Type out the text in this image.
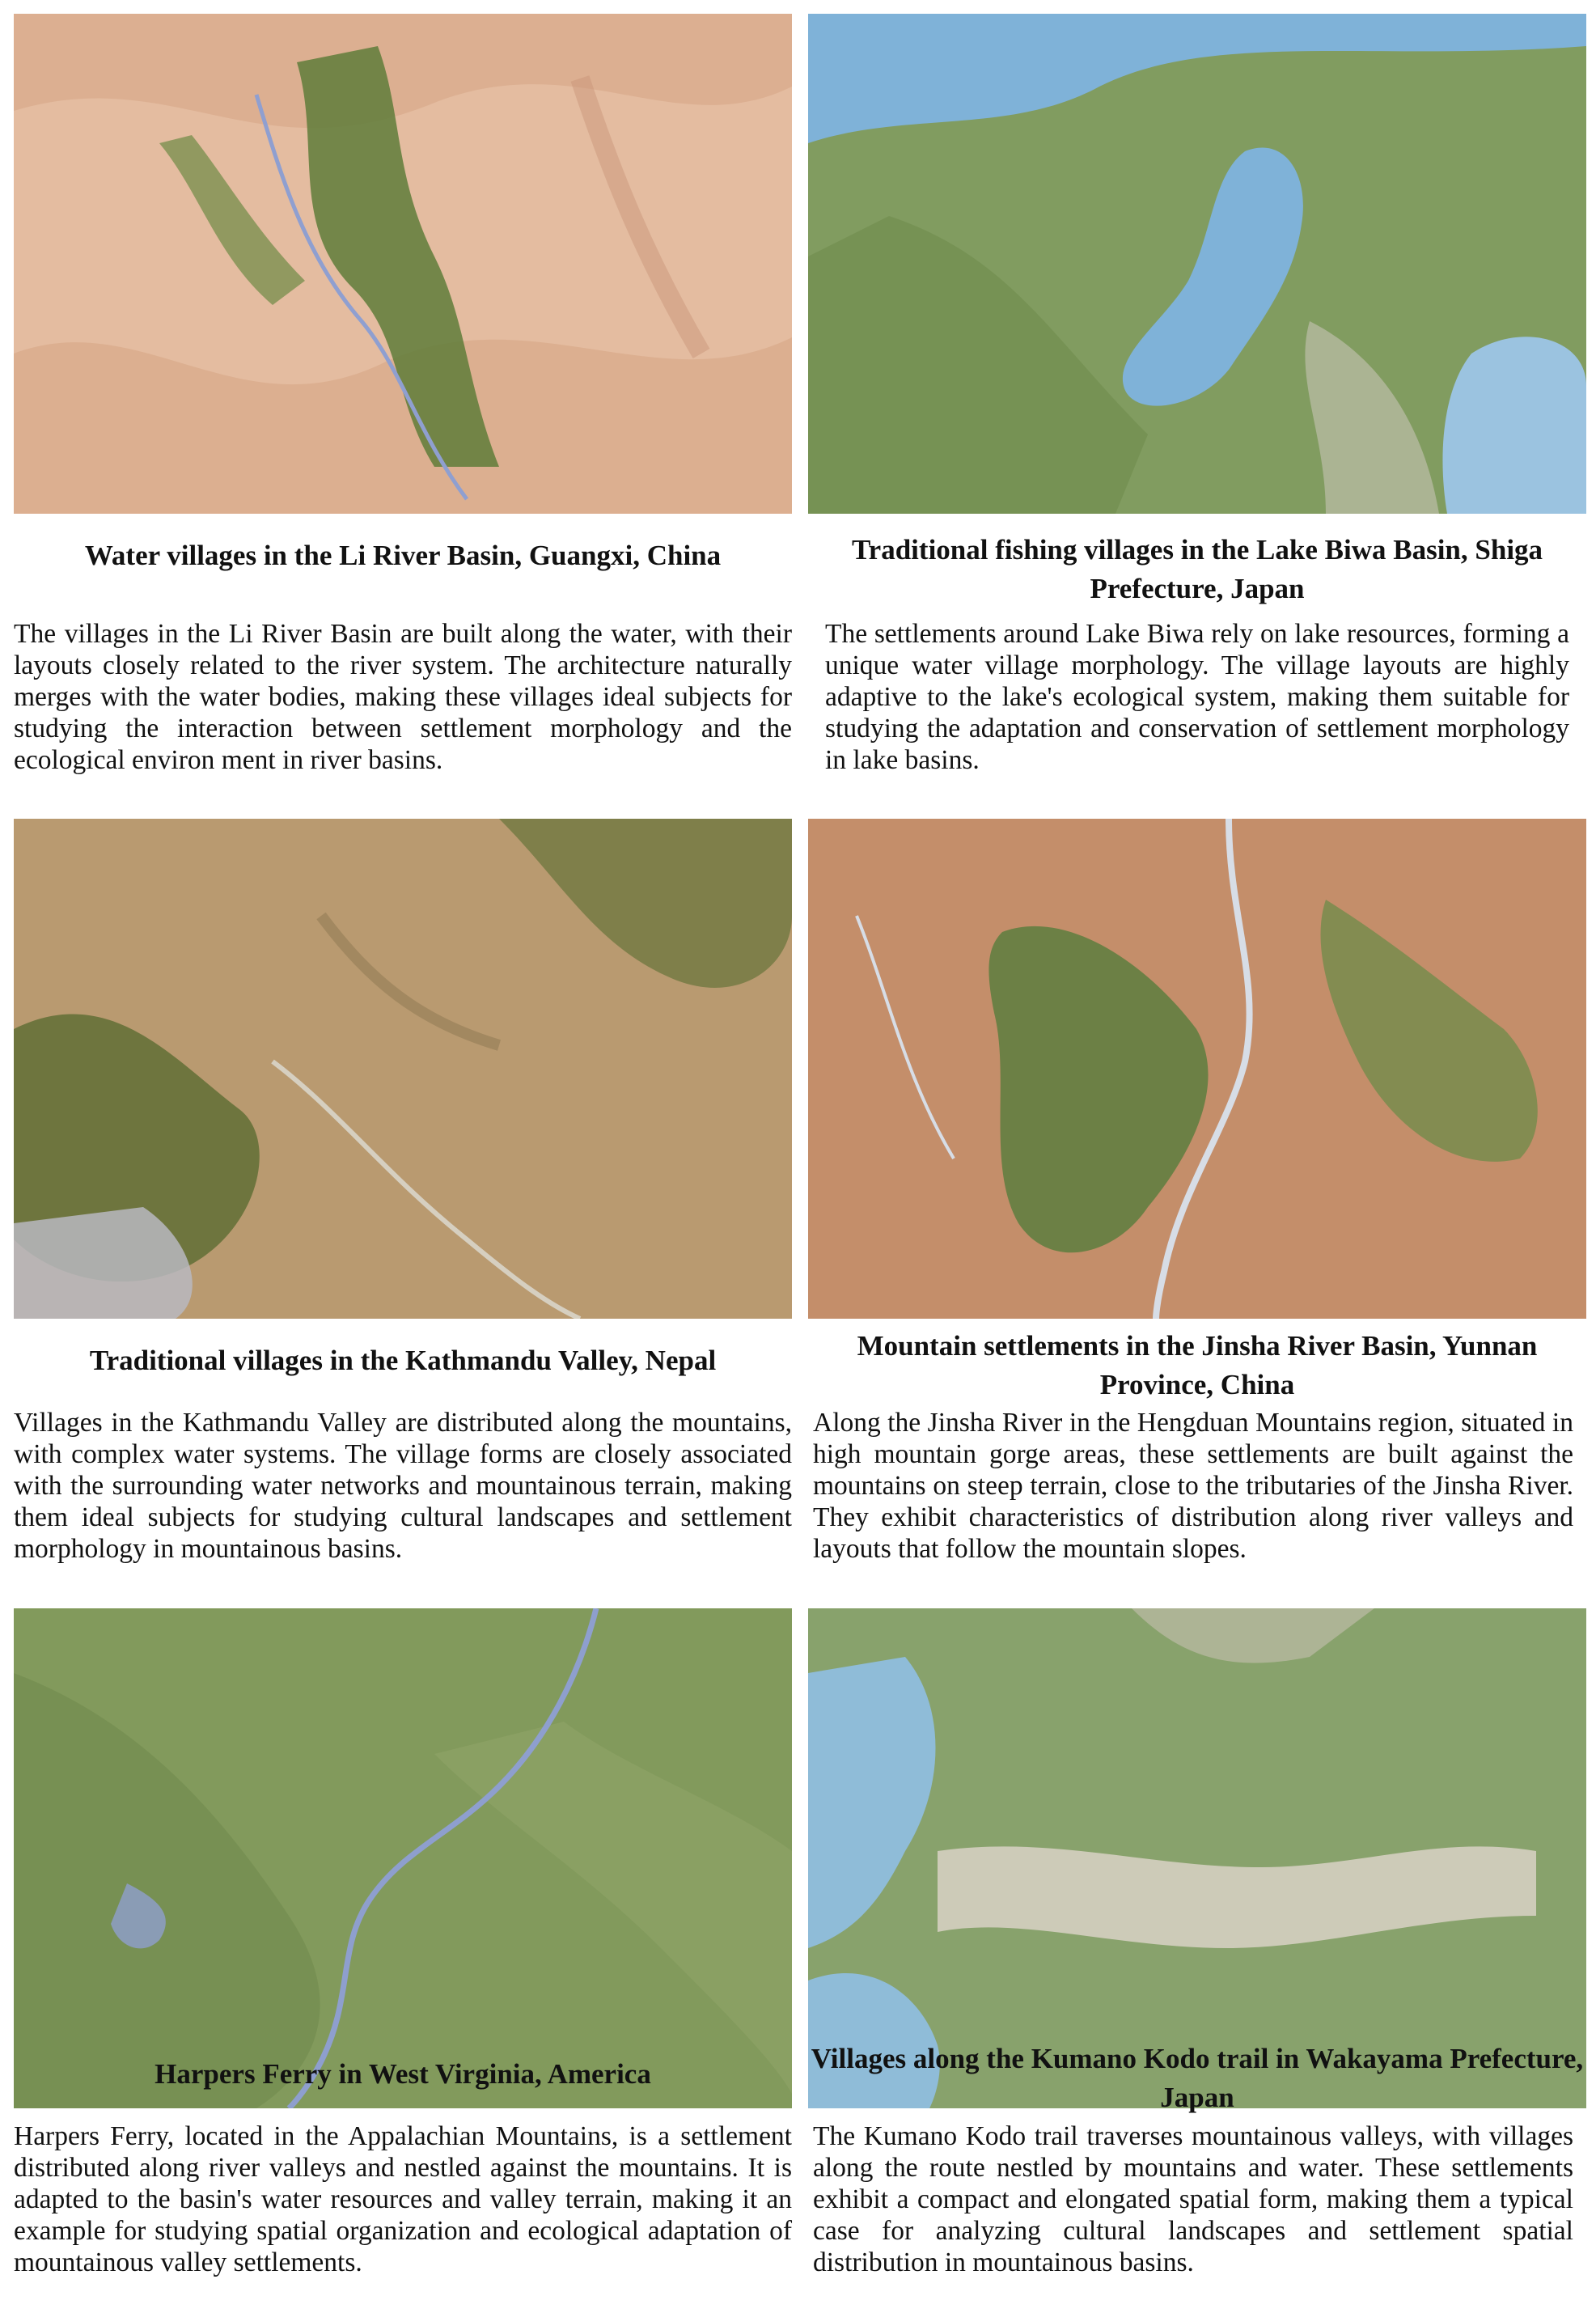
Water villages in the Li River Basin, Guangxi, China	Traditional fishing villages in the Lake Biwa Basin, Shiga Prefecture, Japan
The villages in the Li River Basin are built along the water, with their layouts closely related to the river system. The architecture naturally merges with the water bodies, making these villages ideal subjects for studying the interaction between settlement morphology and the ecological environ ment in river basins.
The settlements around Lake Biwa rely on lake resources, forming a unique water village morphology. The village layouts are highly adaptive to the lake's ecological system, making them suitable for studying the adaptation and conservation of settlement morphology in lake basins.
Traditional villages in the Kathmandu Valley, Nepal	Mountain settlements in the Jinsha River Basin, Yunnan Province, China
Villages in the Kathmandu Valley are distributed along the mountains, with complex water systems. The village forms are closely associated with the surrounding water networks and mountainous terrain, making them ideal subjects for studying cultural landscapes and settlement morphology in mountainous basins.
Along the Jinsha River in the Hengduan Mountains region, situated in high mountain gorge areas, these settlements are built against the mountains on steep terrain, close to the tributaries of the Jinsha River. They exhibit characteristics of distribution along river valleys and layouts that follow the mountain slopes.
Harpers Ferry in West Virginia, America	Villages along the Kumano Kodo trail in Wakayama Prefecture, Japan
Harpers Ferry, located in the Appalachian Mountains, is a settlement distributed along river valleys and nestled against the mountains. It is adapted to the basin's water resources and valley terrain, making it an example for studying spatial organization and ecological adaptation of mountainous valley settlements.
The Kumano Kodo trail traverses mountainous valleys, with villages along the route nestled by mountains and water. These settlements exhibit a compact and elongated spatial form, making them a typical case for analyzing cultural landscapes and settlement spatial distribution in mountainous basins.
